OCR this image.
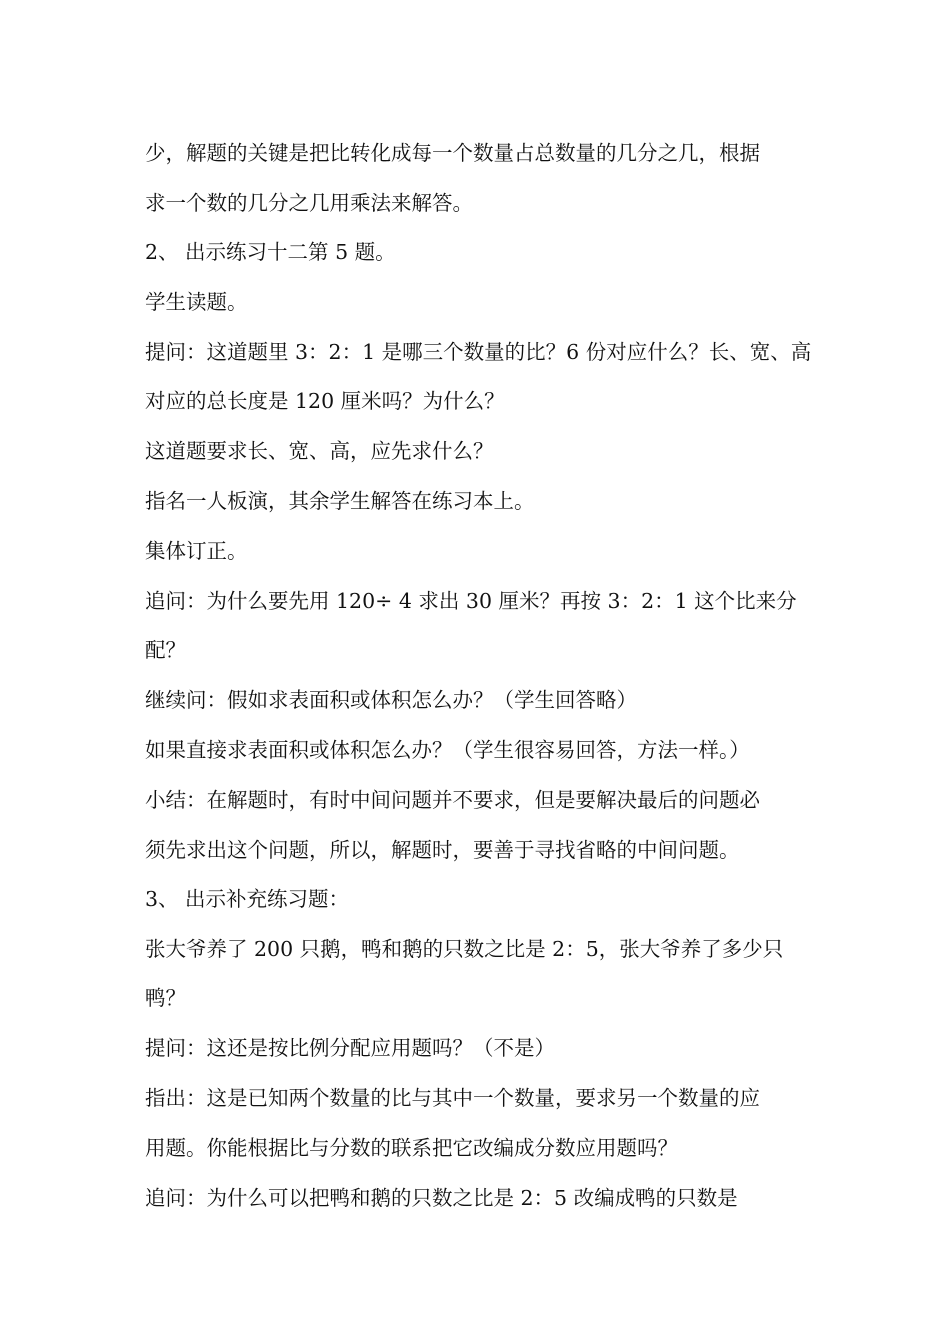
少，解题的关键是把比转化成每一个数量占总数量的几分之几，根据
求一个数的几分之几用乘法来解答。
2、 出示练习十二第 5 题。
学生读题。
提问：这道题里 3：2：1 是哪三个数量的比？6 份对应什么？长、宽、高
对应的总长度是 120 厘米吗？为什么？
这道题要求长、宽、高，应先求什么？
指名一人板演，其余学生解答在练习本上。
集体订正。
追问：为什么要先用 120÷ 4 求出 30 厘米？再按 3：2：1 这个比来分
配？
继续问：假如求表面积或体积怎么办？（学生回答略）
如果直接求表面积或体积怎么办？（学生很容易回答，方法一样。）
小结：在解题时，有时中间问题并不要求，但是要解决最后的问题必
须先求出这个问题，所以，解题时，要善于寻找省略的中间问题。
3、 出示补充练习题：
张大爷养了 200 只鹅，鸭和鹅的只数之比是 2：5，张大爷养了多少只
鸭？
提问：这还是按比例分配应用题吗？（不是）
指出：这是已知两个数量的比与其中一个数量，要求另一个数量的应
用题。你能根据比与分数的联系把它改编成分数应用题吗？
追问：为什么可以把鸭和鹅的只数之比是 2：5 改编成鸭的只数是
